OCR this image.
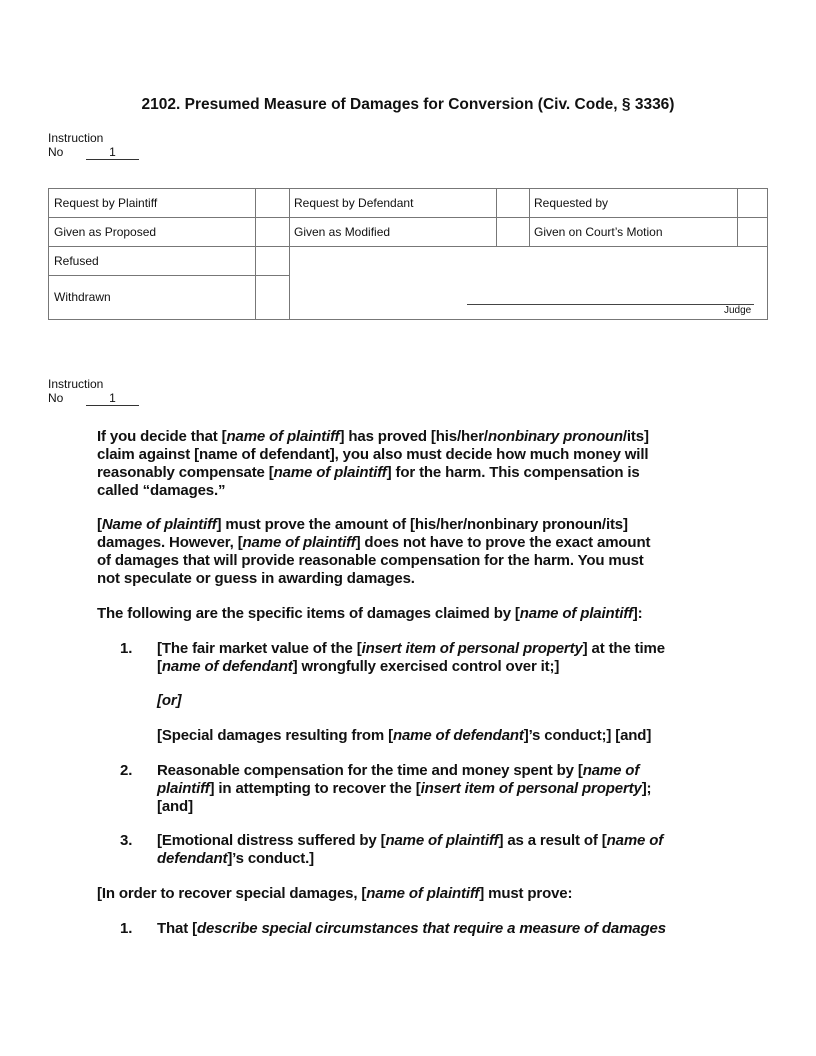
2102. Presumed Measure of Damages for Conversion (Civ. Code, § 3336)
Instruction
No	1
Request by Plaintiff	Request by Defendant	Requested by
Given as Proposed	Given as Modified	Given on Court’s Motion
Refused
Withdrawn
Judge
Instruction
No	1
If you decide that [name of plaintiff] has proved [his/her/nonbinary pronoun/its]
claim against [name of defendant], you also must decide how much money will
reasonably compensate [name of plaintiff] for the harm. This compensation is
called “damages.”
[Name of plaintiff] must prove the amount of [his/her/nonbinary pronoun/its]
damages. However, [name of plaintiff] does not have to prove the exact amount
of damages that will provide reasonable compensation for the harm. You must
not speculate or guess in awarding damages.
The following are the specific items of damages claimed by [name of plaintiff]:
1. [The fair market value of the [insert item of personal property] at the time
[name of defendant] wrongfully exercised control over it;]
[or]
[Special damages resulting from [name of defendant]’s conduct;] [and]
2. Reasonable compensation for the time and money spent by [name of
plaintiff] in attempting to recover the [insert item of personal property];
[and]
3. [Emotional distress suffered by [name of plaintiff] as a result of [name of
defendant]’s conduct.]
[In order to recover special damages, [name of plaintiff] must prove:
1. That [describe special circumstances that require a measure of damages
